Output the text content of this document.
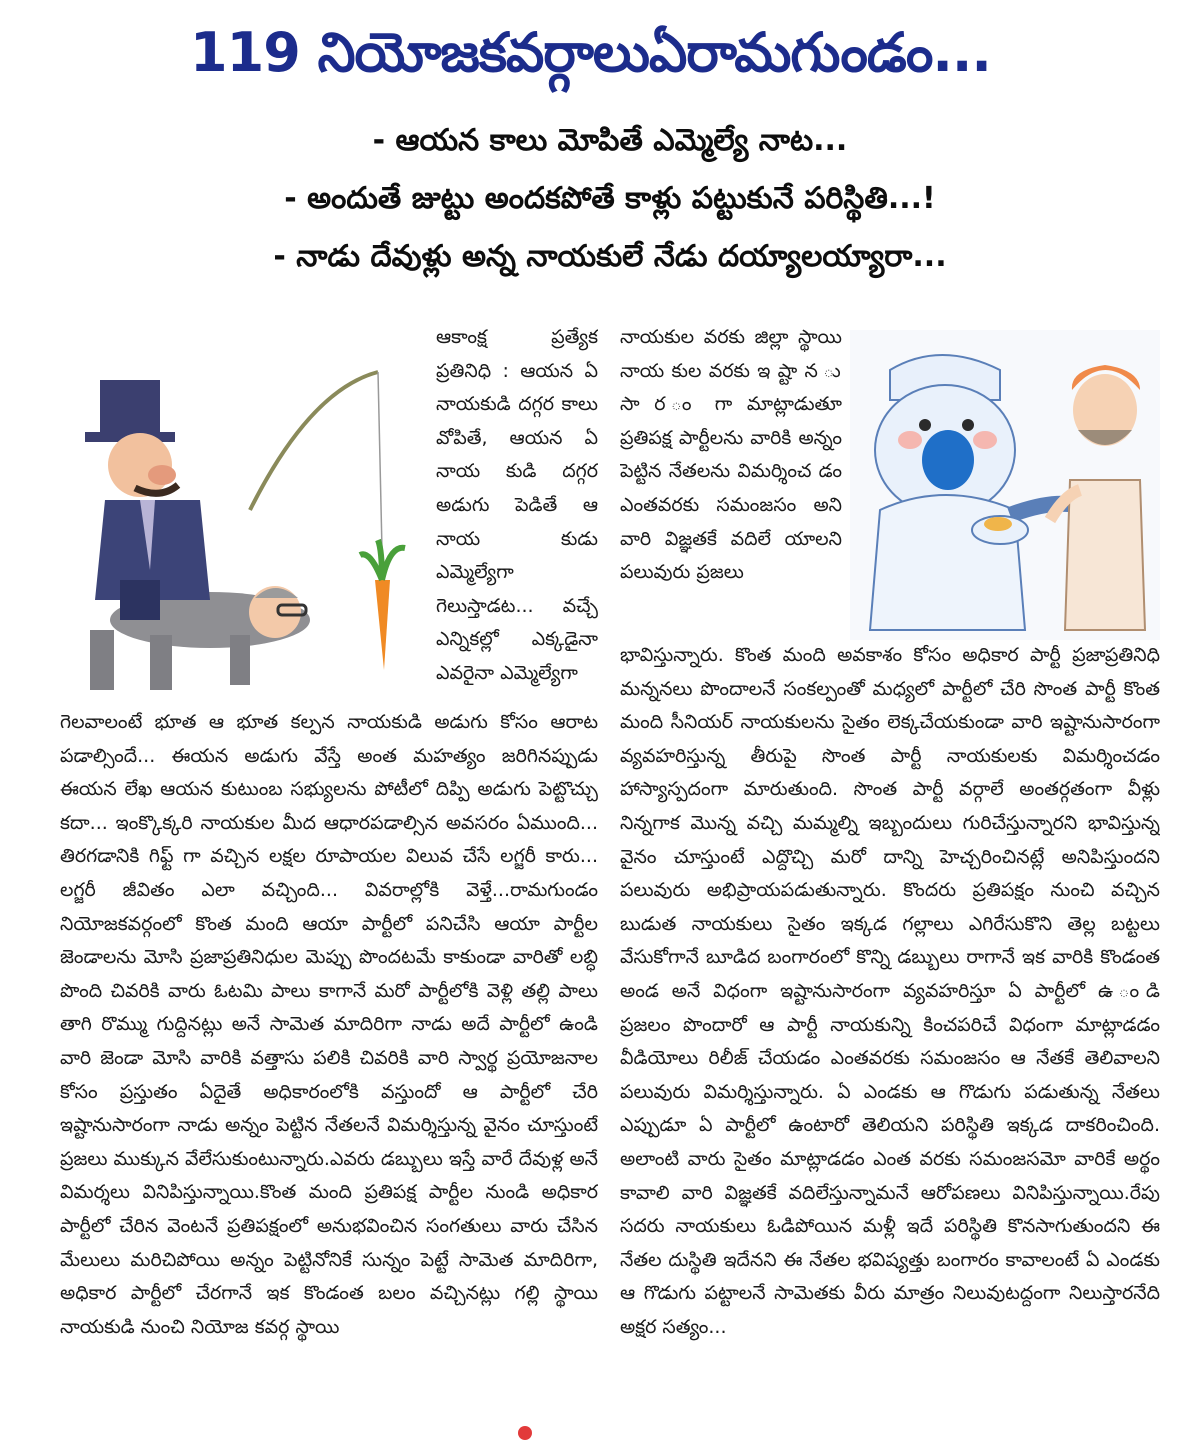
119 నియోజకవర్గాలుఏరామగుండం...
- ఆయన కాలు మోపితే ఎమ్మెల్యే నాట...
- అందుతే జుట్టు అందకపోతే కాళ్లు పట్టుకునే పరిస్థితి...!
- నాడు దేవుళ్లు అన్న నాయకులే నేడు దయ్యాలయ్యారా...
ఆకాంక్ష ప్రత్యేక ప్రతినిధి : ఆయన ఏ నాయకుడి దగ్గర కాలు వోపితే, ఆయన ఏ నాయ కుడి దగ్గర అడుగు పెడితే ఆ నాయ కుడు ఎమ్మెల్యేగా గెలుస్తాడట... వచ్చే ఎన్నికల్లో ఎక్కడైనా ఎవరైనా ఎమ్మెల్యేగా
గెలవాలంటే భూత ఆ భూత కల్పన నాయకుడి అడుగు కోసం ఆరాట పడాల్సిందే... ఈయన అడుగు వేస్తే అంత మహత్యం జరిగినప్పుడు ఈయన లేఖ ఆయన కుటుంబ సభ్యులను పోటీలో దిప్పి అడుగు పెట్టొచ్చు కదా... ఇంక్కొక్కరి నాయకుల మీద ఆధారపడాల్సిన అవసరం ఏముంది... తిరగడానికి గిఫ్ట్ గా వచ్చిన లక్షల రూపాయల విలువ చేసే లగ్జరీ కారు... లగ్జరీ జీవితం ఎలా వచ్చింది... వివరాల్లోకి వెళ్తే...రామగుండం నియోజకవర్గంలో కొంత మంది ఆయా పార్టీలో పనిచేసి ఆయా పార్టీల జెండాలను మోసి ప్రజాప్రతినిధుల మెప్పు పొందటమే కాకుండా వారితో లబ్ధి పొంది చివరికి వారు ఓటమి పాలు కాగానే మరో పార్టీలోకి వెళ్లి తల్లి పాలు తాగి రొమ్ము గుద్దినట్లు అనే సామెత మాదిరిగా నాడు అదే పార్టీలో ఉండి వారి జెండా మోసి వారికి వత్తాసు పలికి చివరికి వారి స్వార్థ ప్రయోజనాల కోసం ప్రస్తుతం ఏదైతే అధికారంలోకి వస్తుందో ఆ పార్టీలో చేరి ఇష్టానుసారంగా నాడు అన్నం పెట్టిన నేతలనే విమర్శిస్తున్న వైనం చూస్తుంటే ప్రజలు ముక్కున వేలేసుకుంటున్నారు.ఎవరు డబ్బులు ఇస్తే వారే దేవుళ్ల అనే విమర్శలు వినిపిస్తున్నాయి.కొంత మంది ప్రతిపక్ష పార్టీల నుండి అధికార పార్టీలో చేరిన వెంటనే ప్రతిపక్షంలో అనుభవించిన సంగతులు వారు చేసిన మేలులు మరిచిపోయి అన్నం పెట్టినోనికే సున్నం పెట్టే సామెత మాదిరిగా, అధికార పార్టీలో చేరగానే ఇక కొండంత బలం వచ్చినట్లు గల్లి స్థాయి నాయకుడి నుంచి నియోజ కవర్గ స్థాయి
నాయకుల వరకు జిల్లా స్థాయి నాయ కుల వరకు ఇ ష్టా న ు సా ర ం గా మాట్లాడుతూ ప్రతిపక్ష పార్టీలను వారికి అన్నం పెట్టిన నేతలను విమర్శించ డం ఎంతవరకు సమంజసం అని వారి విజ్ఞతకే వదిలే యాలని పలువురు ప్రజలు
భావిస్తున్నారు. కొంత మంది అవకాశం కోసం అధికార పార్టీ ప్రజాప్రతినిధి మన్ననలు పొందాలనే సంకల్పంతో మధ్యలో పార్టీలో చేరి సొంత పార్టీ కొంత మంది సీనియర్ నాయకులను సైతం లెక్కచేయకుండా వారి ఇష్టానుసారంగా వ్యవహరిస్తున్న తీరుపై సొంత పార్టీ నాయకులకు విమర్శించడం హాస్యాస్పదంగా మారుతుంది. సొంత పార్టీ వర్గాలే అంతర్గతంగా వీళ్లు నిన్నగాక మొన్న వచ్చి మమ్మల్ని ఇబ్బందులు గురిచేస్తున్నారని భావిస్తున్న వైనం చూస్తుంటే ఎద్దొచ్చి మరో దాన్ని హెచ్చరించినట్లే అనిపిస్తుందని పలువురు అభిప్రాయపడుతున్నారు. కొందరు ప్రతిపక్షం నుంచి వచ్చిన బుడుత నాయకులు సైతం ఇక్కడ గల్లాలు ఎగిరేసుకొని తెల్ల బట్టలు వేసుకోగానే బూడిద బంగారంలో కొన్ని డబ్బులు రాగానే ఇక వారికి కొండంత అండ అనే విధంగా ఇష్టానుసారంగా వ్యవహరిస్తూ ఏ పార్టీలో ఉ ండి ప్రజలం పొందారో ఆ పార్టీ నాయకున్ని కించపరిచే విధంగా మాట్లాడడం వీడియోలు రిలీజ్ చేయడం ఎంతవరకు సమంజసం ఆ నేతకే తెలివాలని పలువురు విమర్శిస్తున్నారు. ఏ ఎండకు ఆ గొడుగు పడుతున్న నేతలు ఎప్పుడూ ఏ పార్టీలో ఉంటారో తెలియని పరిస్థితి ఇక్కడ దాకరించింది. అలాంటి వారు సైతం మాట్లాడడం ఎంత వరకు సమంజసమో వారికే అర్థం కావాలి వారి విజ్ఞతకే వదిలేస్తున్నామనే ఆరోపణలు వినిపిస్తున్నాయి.రేపు సదరు నాయకులు ఓడిపోయిన మళ్లీ ఇదే పరిస్థితి కొనసాగుతుందని ఈ నేతల దుస్థితి ఇదేనని ఈ నేతల భవిష్యత్తు బంగారం కావాలంటే ఏ ఎండకు ఆ గొడుగు పట్టాలనే సామెతకు వీరు మాత్రం నిలువుటద్దంగా నిలుస్తారనేది అక్షర సత్యం...
